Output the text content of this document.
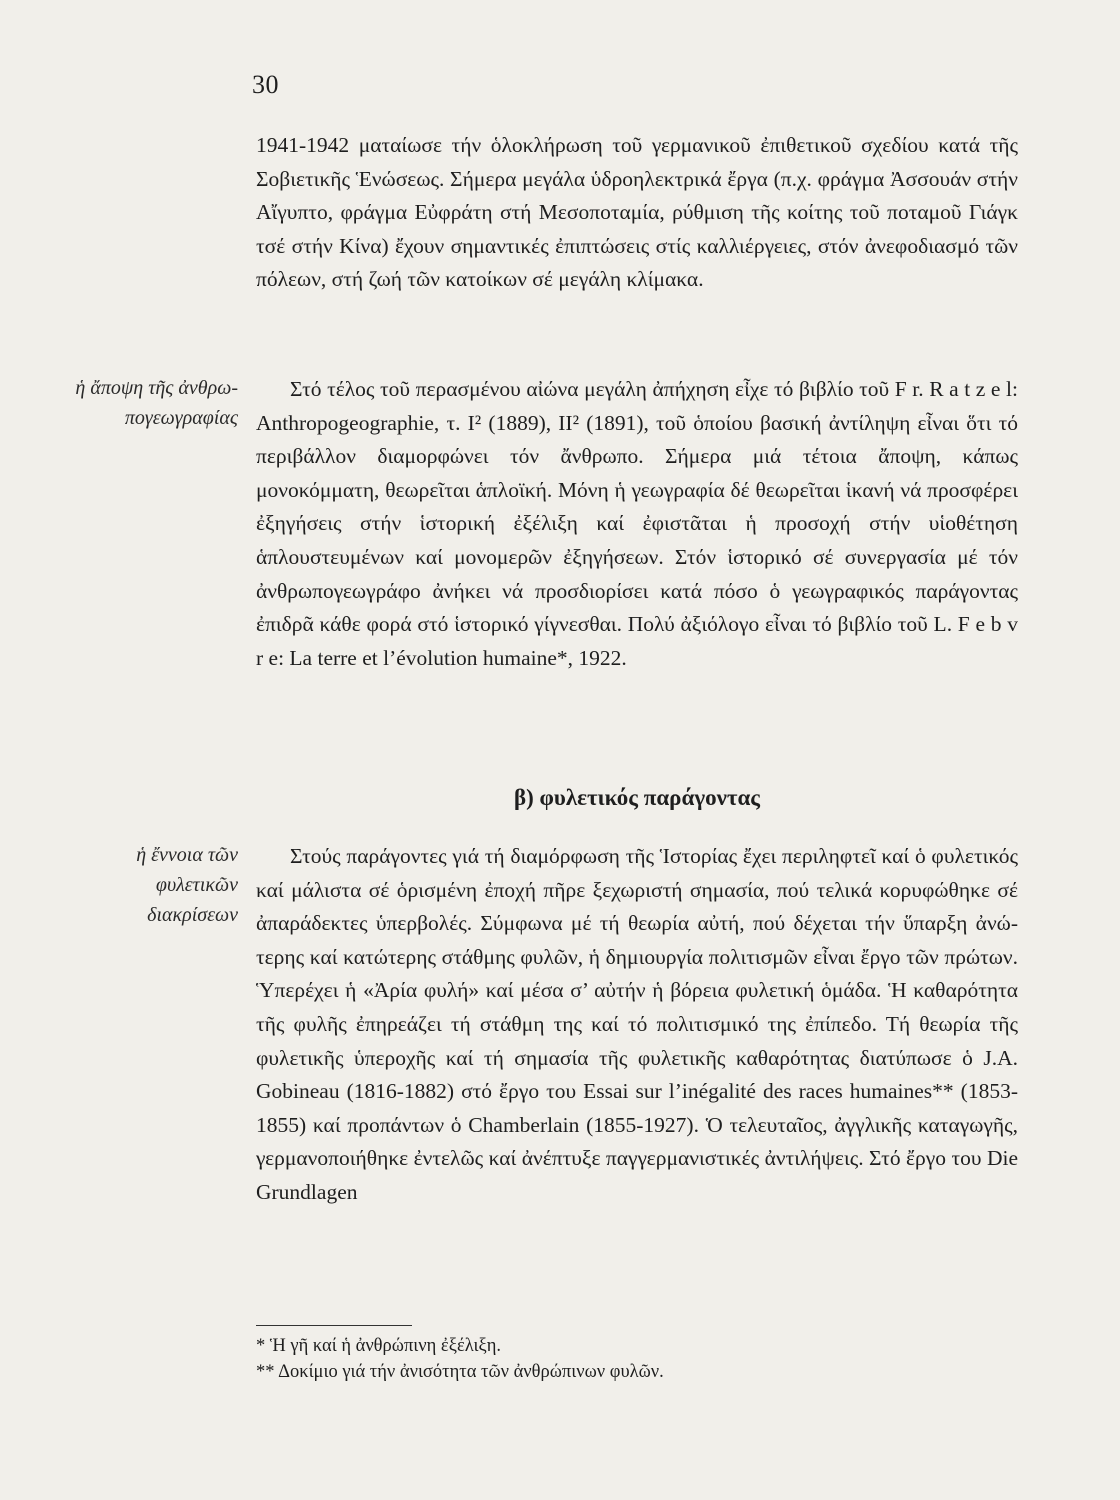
30

1941-1942 ματαίωσε τήν ὁλοκλήρωση τοῦ γερμανικοῦ ἐπιθετικοῦ σχεδίου κατά τῆς Σοβιετικῆς Ἑνώσεως. Σήμερα μεγάλα ὑδροηλεκτρικά ἔργα (π.χ. φράγμα Ἀσσουάν στήν Αἴγυπτο, φράγμα Εὐφράτη στή Μεσοποταμία, ρύθμιση τῆς κοίτης τοῦ ποταμοῦ Γιάγκ τσέ στήν Κίνα) ἔχουν σημαντικές ἐπιπτώσεις στίς καλλιέργειες, στόν ἀνεφοδιασμό τῶν πόλεων, στή ζωή τῶν κατοίκων σέ μεγάλη κλίμακα.

ἡ ἄποψη τῆς ἀνθρωπογεωγραφίας

Στό τέλος τοῦ περασμένου αἰώνα μεγάλη ἀπήχηση εἶχε τό βιβλίο τοῦ F r. R a t z e l: Anthropogeographie, τ. I² (1889), II² (1891), τοῦ ὁποίου βασική ἀντίληψη εἶναι ὅτι τό περιβάλλον διαμορφώνει τόν ἄνθρωπο. Σήμερα μιά τέτοια ἄποψη, κάπως μονοκόμματη, θεωρεῖται ἁπλοϊκή. Μόνη ἡ γεωγραφία δέ θεωρεῖται ἱκανή νά προσφέρει ἐξηγήσεις στήν ἱστορική ἐξέλιξη καί ἐφιστᾶται ἡ προσοχή στήν υἱοθέτηση ἁπλουστευμένων καί μονομερῶν ἐξηγήσεων. Στόν ἱστορικό σέ συνεργασία μέ τόν ἀνθρωπογεωγράφο ἀνήκει νά προσδιορίσει κατά πόσο ὁ γεωγραφικός παράγοντας ἐπιδρᾶ κάθε φορά στό ἱστορικό γίγνεσθαι. Πολύ ἀξιόλογο εἶναι τό βιβλίο τοῦ L. F e b v r e: La terre et l’évolution humaine*, 1922.

β) φυλετικός παράγοντας
ἡ ἔννοια τῶν φυλετικῶν διακρίσεων

Στούς παράγοντες γιά τή διαμόρφωση τῆς Ἱστορίας ἔχει περιληφτεῖ καί ὁ φυλετικός καί μάλιστα σέ ὁρισμένη ἐποχή πῆρε ξεχωριστή σημασία, πού τελικά κορυφώθηκε σέ ἀπαράδεκτες ὑπερβολές. Σύμφωνα μέ τή θεωρία αὐτή, πού δέχεται τήν ὕπαρξη ἀνώτερης καί κατώτερης στάθμης φυλῶν, ἡ δημιουργία πολιτισμῶν εἶναι ἔργο τῶν πρώτων. Ὑπερέχει ἡ «Ἀρία φυλή» καί μέσα σ’ αὐτήν ἡ βόρεια φυλετική ὁμάδα. Ἡ καθαρότητα τῆς φυλῆς ἐπηρεάζει τή στάθμη της καί τό πολιτισμικό της ἐπίπεδο. Τή θεωρία τῆς φυλετικῆς ὑπεροχῆς καί τή σημασία τῆς φυλετικῆς καθαρότητας διατύπωσε ὁ J.A. Gobineau (1816-1882) στό ἔργο του Essai sur l’inégalité des races humaines** (1853-1855) καί προπάντων ὁ Chamberlain (1855-1927). Ὁ τελευταῖος, ἀγγλικῆς καταγωγῆς, γερμανοποιήθηκε ἐντελῶς καί ἀνέπτυξε παγγερμανιστικές ἀντιλήψεις. Στό ἔργο του Die Grundlagen

* Ἡ γῆ καί ἡ ἀνθρώπινη ἐξέλιξη.
** Δοκίμιο γιά τήν ἀνισότητα τῶν ἀνθρώπινων φυλῶν.
